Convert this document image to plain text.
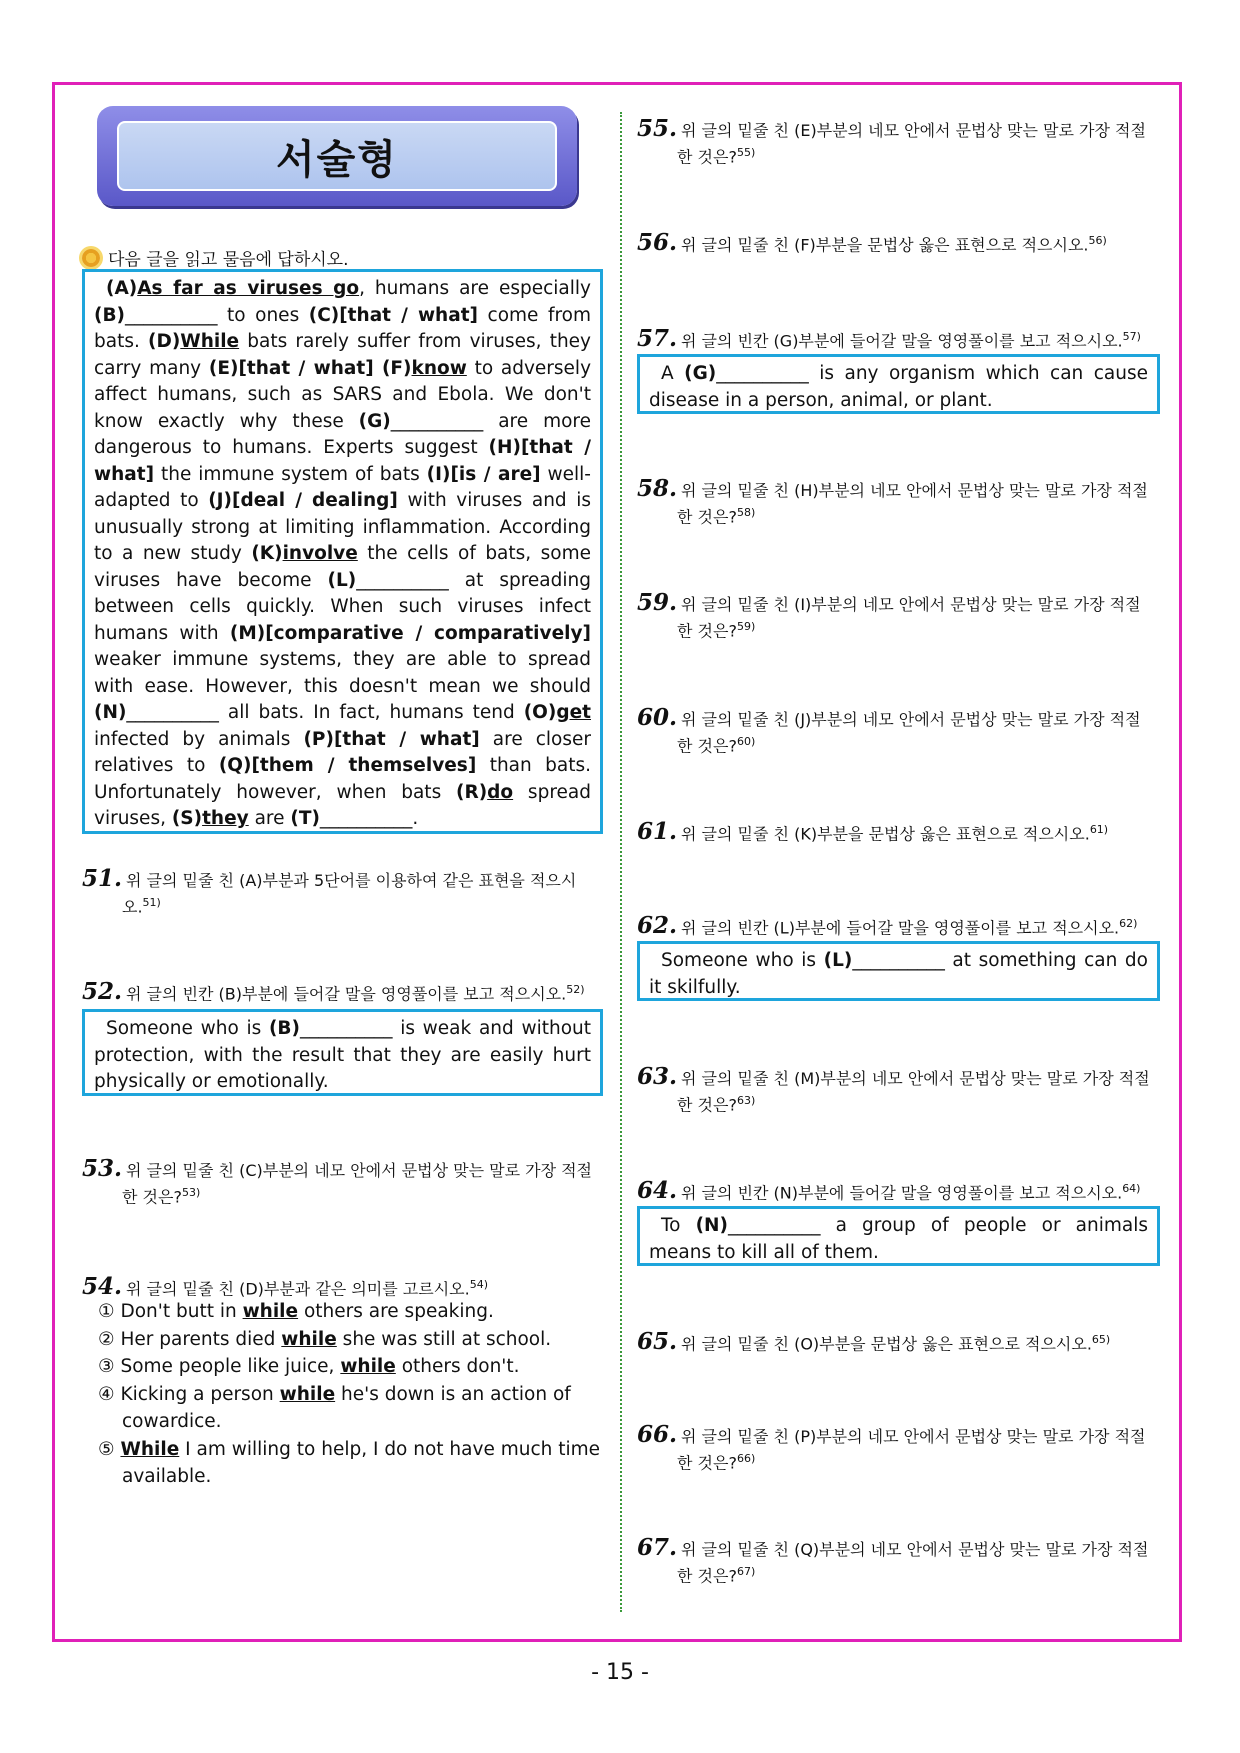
서술형
다음 글을 읽고 물음에 답하시오.

(A)As far as viruses go, humans are especially (B)__________ to ones (C)[that / what] come from bats. (D)While bats rarely suffer from viruses, they carry many (E)[that / what] (F)know to adversely affect humans, such as SARS and Ebola. We don't know exactly why these (G)__________ are more dangerous to humans. Experts suggest (H)[that / what] the immune system of bats (I)[is / are] well-adapted to (J)[deal / dealing] with viruses and is unusually strong at limiting inflammation. According to a new study (K)involve the cells of bats, some viruses have become (L)__________ at spreading between cells quickly. When such viruses infect humans with (M)[comparative / comparatively] weaker immune systems, they are able to spread with ease. However, this doesn't mean we should (N)__________ all bats. In fact, humans tend (O)get infected by animals (P)[that / what] are closer relatives to (Q)[them / themselves] than bats. Unfortunately however, when bats (R)do spread viruses, (S)they are (T)__________.

51. 위 글의 밑줄 친 (A)부분과 5단어를 이용하여 같은 표현을 적으시
오.$^{51)}$
52. 위 글의 빈칸 (B)부분에 들어갈 말을 영영풀이를 보고 적으시오.$^{52)}$

Someone who is (B)__________ is weak and without protection, with the result that they are easily hurt physically or emotionally.

53. 위 글의 밑줄 친 (C)부분의 네모 안에서 문법상 맞는 말로 가장 적절
한 것은?$^{53)}$
54. 위 글의 밑줄 친 (D)부분과 같은 의미를 고르시오.$^{54)}$
① Don't butt in while others are speaking.
② Her parents died while she was still at school.
③ Some people like juice, while others don't.
④ Kicking a person while he's down is an action of cowardice.
⑤ While I am willing to help, I do not have much time available.
55. 위 글의 밑줄 친 (E)부분의 네모 안에서 문법상 맞는 말로 가장 적절
한 것은?$^{55)}$
56. 위 글의 밑줄 친 (F)부분을 문법상 옳은 표현으로 적으시오.$^{56)}$
57. 위 글의 빈칸 (G)부분에 들어갈 말을 영영풀이를 보고 적으시오.$^{57)}$

A (G)__________ is any organism which can cause disease in a person, animal, or plant.

58. 위 글의 밑줄 친 (H)부분의 네모 안에서 문법상 맞는 말로 가장 적절
한 것은?$^{58)}$
59. 위 글의 밑줄 친 (I)부분의 네모 안에서 문법상 맞는 말로 가장 적절
한 것은?$^{59)}$
60. 위 글의 밑줄 친 (J)부분의 네모 안에서 문법상 맞는 말로 가장 적절
한 것은?$^{60)}$
61. 위 글의 밑줄 친 (K)부분을 문법상 옳은 표현으로 적으시오.$^{61)}$
62. 위 글의 빈칸 (L)부분에 들어갈 말을 영영풀이를 보고 적으시오.$^{62)}$

Someone who is (L)__________ at something can do it skilfully.

63. 위 글의 밑줄 친 (M)부분의 네모 안에서 문법상 맞는 말로 가장 적절
한 것은?$^{63)}$
64. 위 글의 빈칸 (N)부분에 들어갈 말을 영영풀이를 보고 적으시오.$^{64)}$

To (N)__________ a group of people or animals means to kill all of them.

65. 위 글의 밑줄 친 (O)부분을 문법상 옳은 표현으로 적으시오.$^{65)}$
66. 위 글의 밑줄 친 (P)부분의 네모 안에서 문법상 맞는 말로 가장 적절
한 것은?$^{66)}$
67. 위 글의 밑줄 친 (Q)부분의 네모 안에서 문법상 맞는 말로 가장 적절
한 것은?$^{67)}$
- 15 -
